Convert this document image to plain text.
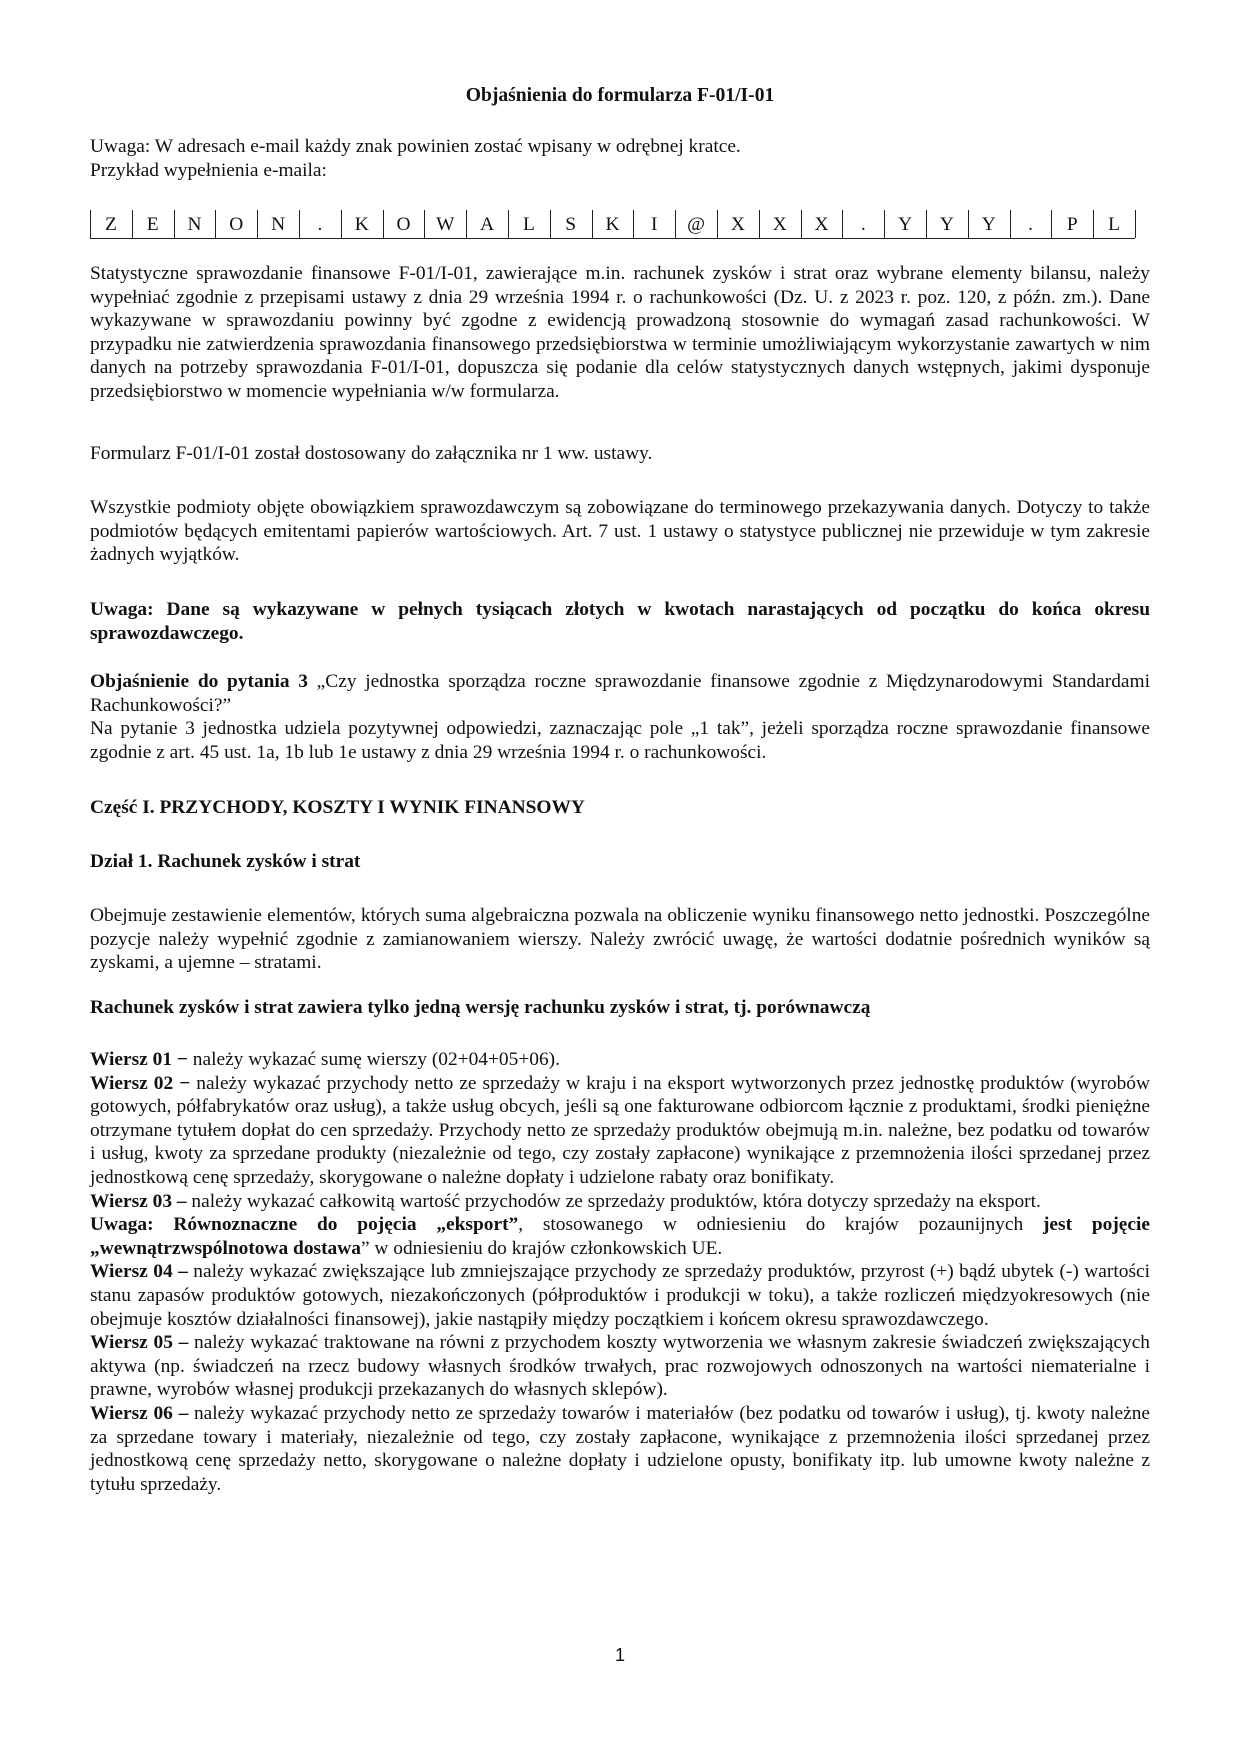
Objaśnienia do formularza F-01/I-01

Uwaga: W adresach e-mail każdy znak powinien zostać wpisany w odrębnej kratce.

Przykład wypełnienia e-maila:

Z	E	N	O	N	.	K	O	W	A	L	S	K	I	@	X	X	X	.	Y	Y	Y	.	P	L

Statystyczne sprawozdanie finansowe F-01/I-01, zawierające m.in. rachunek zysków i strat oraz wybrane elementy bilansu, należy wypełniać zgodnie z przepisami ustawy z dnia 29 września 1994 r. o rachunkowości (Dz. U. z 2023 r. poz. 120, z późn. zm.). Dane wykazywane w sprawozdaniu powinny być zgodne z ewidencją prowadzoną stosownie do wymagań zasad rachunkowości. W przypadku nie zatwierdzenia sprawozdania finansowego przedsiębiorstwa w terminie umożliwiającym wykorzystanie zawartych w nim danych na potrzeby sprawozdania F-01/I-01, dopuszcza się podanie dla celów statystycznych danych wstępnych, jakimi dysponuje przedsiębiorstwo w momencie wypełniania w/w formularza.

Formularz F-01/I-01 został dostosowany do załącznika nr 1 ww. ustawy.

Wszystkie podmioty objęte obowiązkiem sprawozdawczym są zobowiązane do terminowego przekazywania danych. Dotyczy to także podmiotów będących emitentami papierów wartościowych. Art. 7 ust. 1 ustawy o statystyce publicznej nie przewiduje w tym zakresie żadnych wyjątków.

Uwaga: Dane są wykazywane w pełnych tysiącach złotych w kwotach narastających od początku do końca okresu sprawozdawczego.

Objaśnienie do pytania 3 „Czy jednostka sporządza roczne sprawozdanie finansowe zgodnie z Międzynarodowymi Standardami Rachunkowości?”

Na pytanie 3 jednostka udziela pozytywnej odpowiedzi, zaznaczając pole „1 tak”, jeżeli sporządza roczne sprawozdanie finansowe zgodnie z art. 45 ust. 1a, 1b lub 1e ustawy z dnia 29 września 1994 r. o rachunkowości.

Część I. PRZYCHODY, KOSZTY I WYNIK FINANSOWY

Dział 1. Rachunek zysków i strat

Obejmuje zestawienie elementów, których suma algebraiczna pozwala na obliczenie wyniku finansowego netto jednostki. Poszczególne pozycje należy wypełnić zgodnie z zamianowaniem wierszy. Należy zwrócić uwagę, że wartości dodatnie pośrednich wyników są zyskami, a ujemne – stratami.

Rachunek zysków i strat zawiera tylko jedną wersję rachunku zysków i strat, tj. porównawczą

Wiersz 01 − należy wykazać sumę wierszy (02+04+05+06).

Wiersz 02 − należy wykazać przychody netto ze sprzedaży w kraju i na eksport wytworzonych przez jednostkę produktów (wyrobów gotowych, półfabrykatów oraz usług), a także usług obcych, jeśli są one fakturowane odbiorcom łącznie z produktami, środki pieniężne otrzymane tytułem dopłat do cen sprzedaży. Przychody netto ze sprzedaży produktów obejmują m.in. należne, bez podatku od towarów i usług, kwoty za sprzedane produkty (niezależnie od tego, czy zostały zapłacone) wynikające z przemnożenia ilości sprzedanej przez jednostkową cenę sprzedaży, skorygowane o należne dopłaty i udzielone rabaty oraz bonifikaty.

Wiersz 03 – należy wykazać całkowitą wartość przychodów ze sprzedaży produktów, która dotyczy sprzedaży na eksport.

Uwaga: Równoznaczne do pojęcia „eksport”, stosowanego w odniesieniu do krajów pozaunijnych jest pojęcie „wewnątrzwspólnotowa dostawa” w odniesieniu do krajów członkowskich UE.

Wiersz 04 – należy wykazać zwiększające lub zmniejszające przychody ze sprzedaży produktów, przyrost (+) bądź ubytek (-) wartości stanu zapasów produktów gotowych, niezakończonych (półproduktów i produkcji w toku), a także rozliczeń międzyokresowych (nie obejmuje kosztów działalności finansowej), jakie nastąpiły między początkiem i końcem okresu sprawozdawczego.

Wiersz 05 – należy wykazać traktowane na równi z przychodem koszty wytworzenia we własnym zakresie świadczeń zwiększających aktywa (np. świadczeń na rzecz budowy własnych środków trwałych, prac rozwojowych odnoszonych na wartości niematerialne i prawne, wyrobów własnej produkcji przekazanych do własnych sklepów).

Wiersz 06 – należy wykazać przychody netto ze sprzedaży towarów i materiałów (bez podatku od towarów i usług), tj. kwoty należne za sprzedane towary i materiały, niezależnie od tego, czy zostały zapłacone, wynikające z przemnożenia ilości sprzedanej przez jednostkową cenę sprzedaży netto, skorygowane o należne dopłaty i udzielone opusty, bonifikaty itp. lub umowne kwoty należne z tytułu sprzedaży.

1
